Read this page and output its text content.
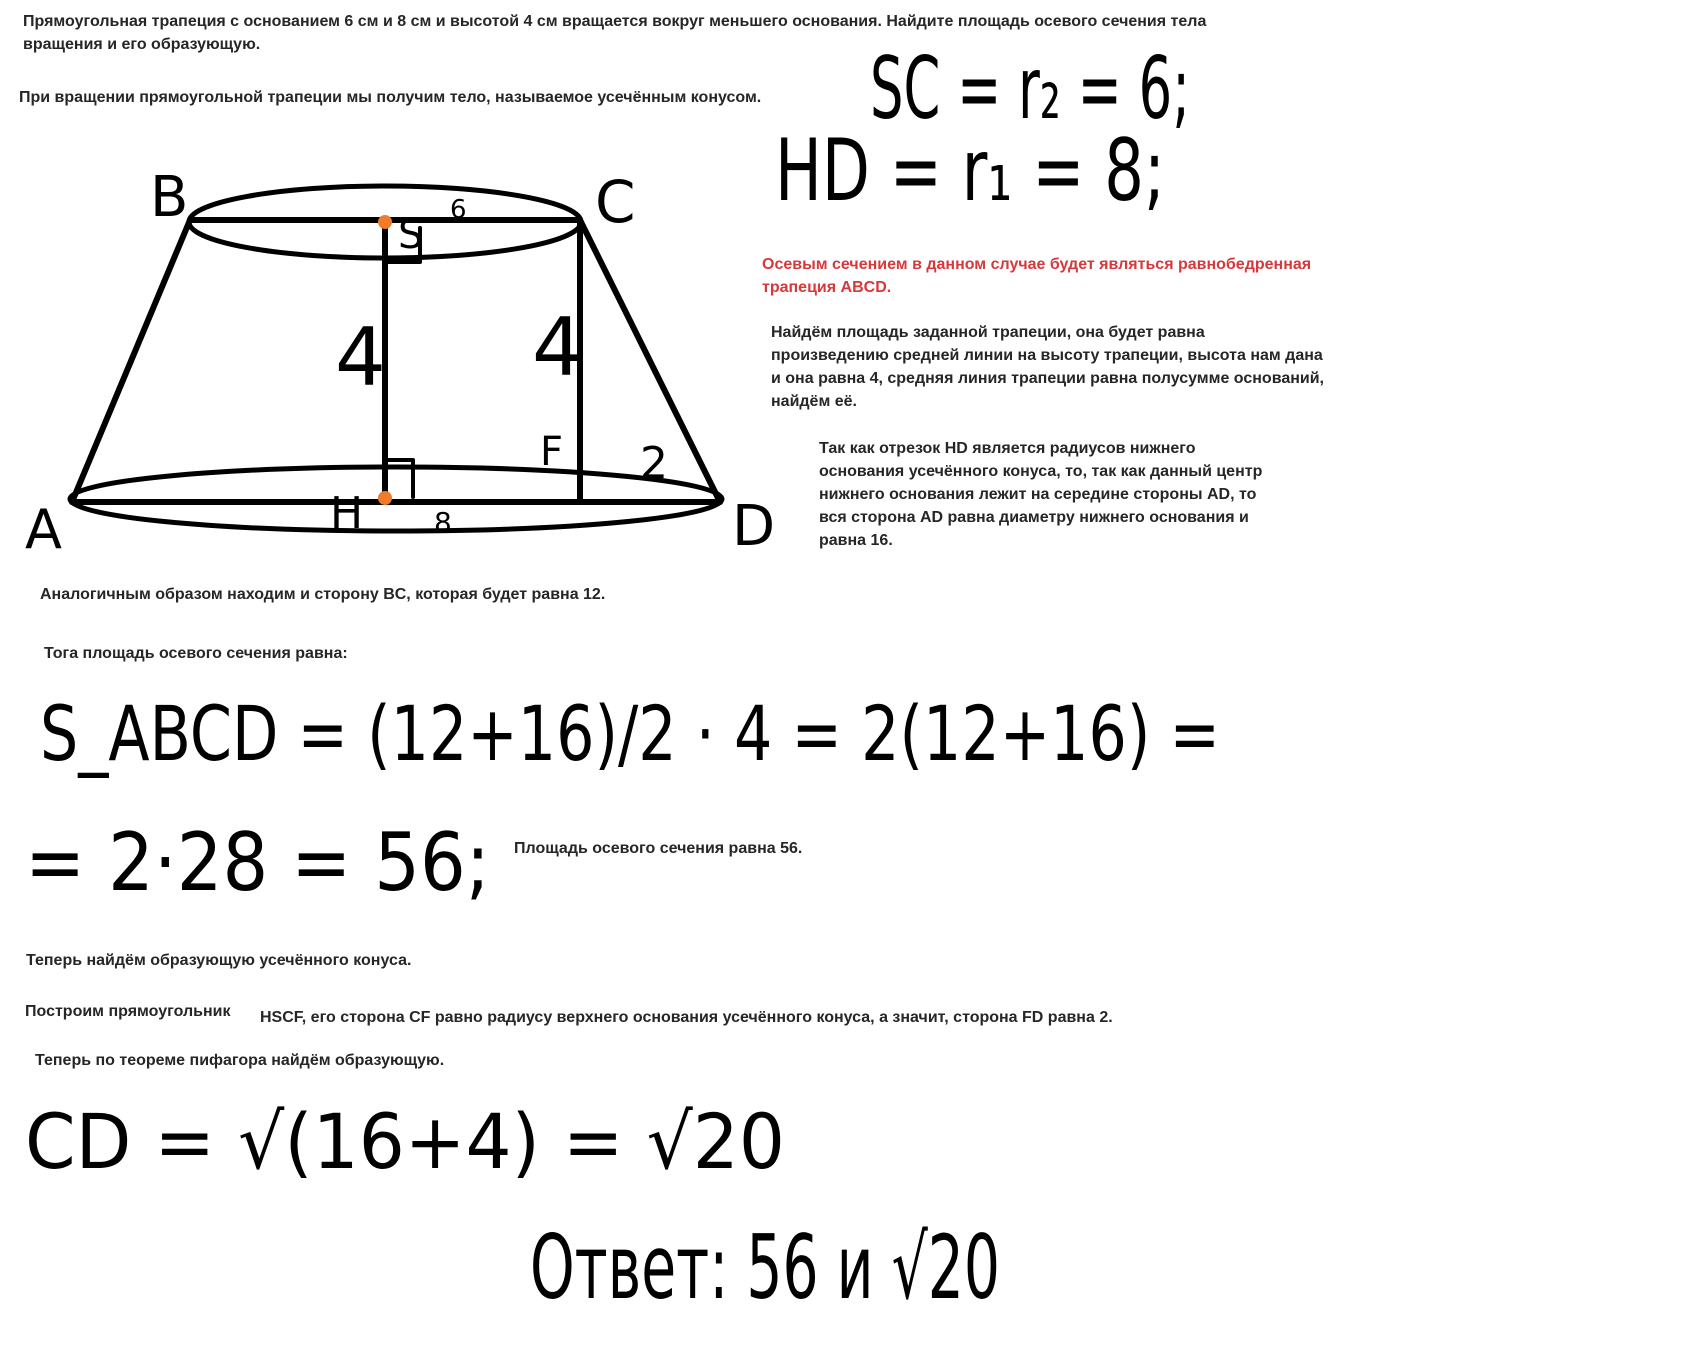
Прямоугольная трапеция с основанием 6 см и 8 см и высотой 4 см вращается вокруг меньшего основания. Найдите площадь осевого сечения тела
вращения и его образующую.
При вращении прямоугольной трапеции мы получим тело, называемое усечённым конусом.
Осевым сечением в данном случае будет являться равнобедренная
трапеция ABCD.
Найдём площадь заданной трапеции, она будет равна
произведению средней линии на высоту трапеции, высота нам дана
и она равна 4, средняя линия трапеции равна полусумме оснований,
найдём её.
Так как отрезок HD является радиусов нижнего
основания усечённого конуса, то, так как данный центр
нижнего основания лежит на середине стороны AD, то
вся сторона AD равна диаметру нижнего основания и
равна 16.
Аналогичным образом находим и сторону BC, которая будет равна 12.
Тога площадь осевого сечения равна:
Площадь осевого сечения равна 56.
Теперь найдём образующую усечённого конуса.
Построим прямоугольник	HSCF, его сторона CF равно радиусу верхнего основания усечённого конуса, а значит, сторона FD равна 2.
Теперь по теореме пифагора найдём образующую.
B	C
A	D
H
S
F
6
8
4 4
2
SC = r₂ = 6;
HD = r₁ = 8;
S_ABCD = (12+16)/2 · 4 = 2(12+16) =
= 2·28 = 56;
CD = √(16+4) = √20
Ответ: 56 и √20
